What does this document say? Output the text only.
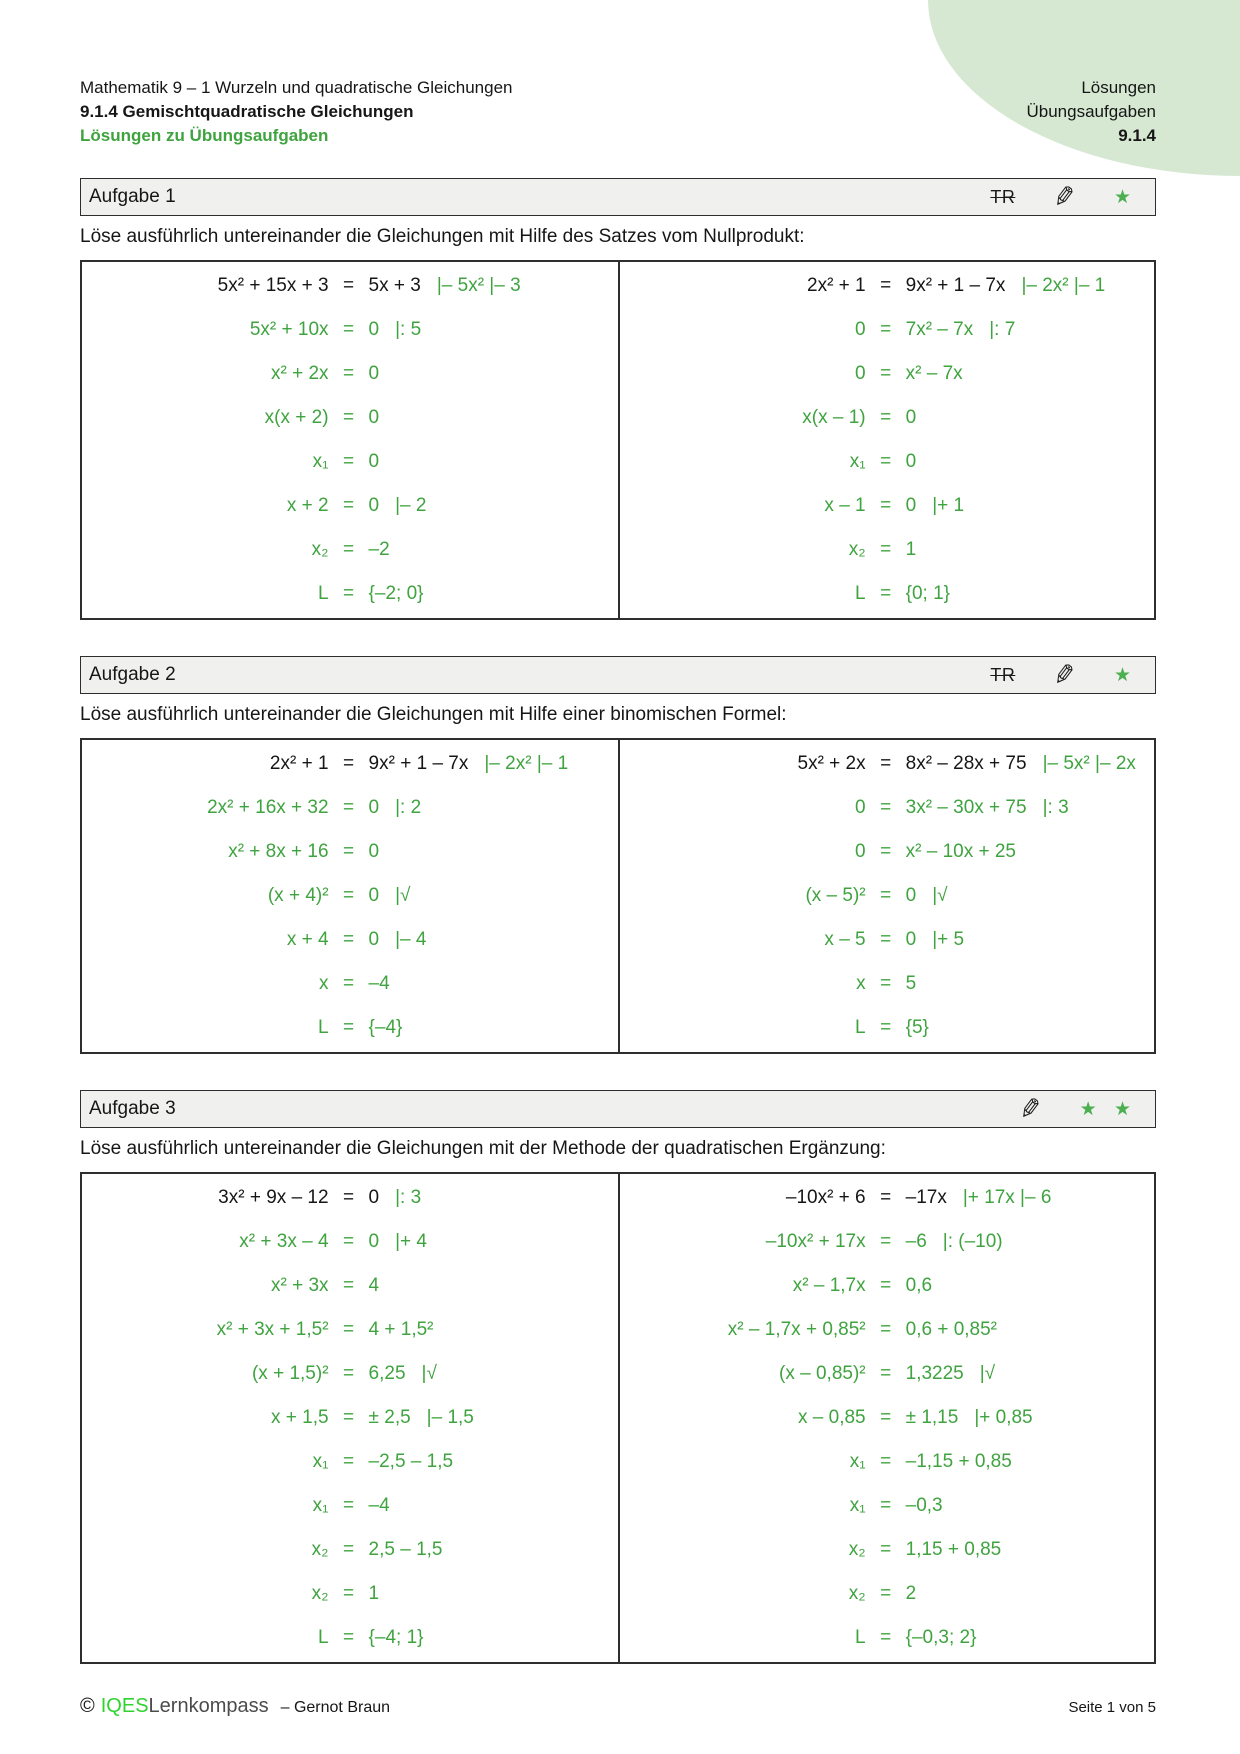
Mathematik 9 – 1 Wurzeln und quadratische Gleichungen
9.1.4 Gemischtquadratische Gleichungen
Lösungen zu Übungsaufgaben
Lösungen
Übungsaufgaben
9.1.4
Aufgabe 1	TR ✎ ★
Löse ausführlich untereinander die Gleichungen mit Hilfe des Satzes vom Nullprodukt:
5x² + 15x + 3 = 5x + 3 |– 5x² |– 3
5x² + 10x = 0 |: 5
x² + 2x = 0
x(x + 2) = 0
x₁ = 0
x + 2 = 0 |– 2
x₂ = –2
L = {–2; 0}
2x² + 1 = 9x² + 1 – 7x |– 2x² |– 1
0 = 7x² – 7x |: 7
0 = x² – 7x
x(x – 1) = 0
x₁ = 0
x – 1 = 0 |+ 1
x₂ = 1
L = {0; 1}
Aufgabe 2	TR ✎ ★
Löse ausführlich untereinander die Gleichungen mit Hilfe einer binomischen Formel:
2x² + 1 = 9x² + 1 – 7x |– 2x² |– 1
2x² + 16x + 32 = 0 |: 2
x² + 8x + 16 = 0
(x + 4)² = 0 |√
x + 4 = 0 |– 4
x = –4
L = {–4}
5x² + 2x = 8x² – 28x + 75 |– 5x² |– 2x
0 = 3x² – 30x + 75 |: 3
0 = x² – 10x + 25
(x – 5)² = 0 |√
x – 5 = 0 |+ 5
x = 5
L = {5}
Aufgabe 3	✎ ★ ★
Löse ausführlich untereinander die Gleichungen mit der Methode der quadratischen Ergänzung:
3x² + 9x – 12 = 0 |: 3
x² + 3x – 4 = 0 |+ 4
x² + 3x = 4
x² + 3x + 1,5² = 4 + 1,5²
(x + 1,5)² = 6,25 |√
x + 1,5 = ± 2,5 |– 1,5
x₁ = –2,5 – 1,5
x₁ = –4
x₂ = 2,5 – 1,5
x₂ = 1
L = {–4; 1}
–10x² + 6 = –17x |+ 17x |– 6
–10x² + 17x = –6 |: (–10)
x² – 1,7x = 0,6
x² – 1,7x + 0,85² = 0,6 + 0,85²
(x – 0,85)² = 1,3225 |√
x – 0,85 = ± 1,15 |+ 0,85
x₁ = –1,15 + 0,85
x₁ = –0,3
x₂ = 1,15 + 0,85
x₂ = 2
L = {–0,3; 2}
© IQES Lernkompass – Gernot Braun	Seite 1 von 5
